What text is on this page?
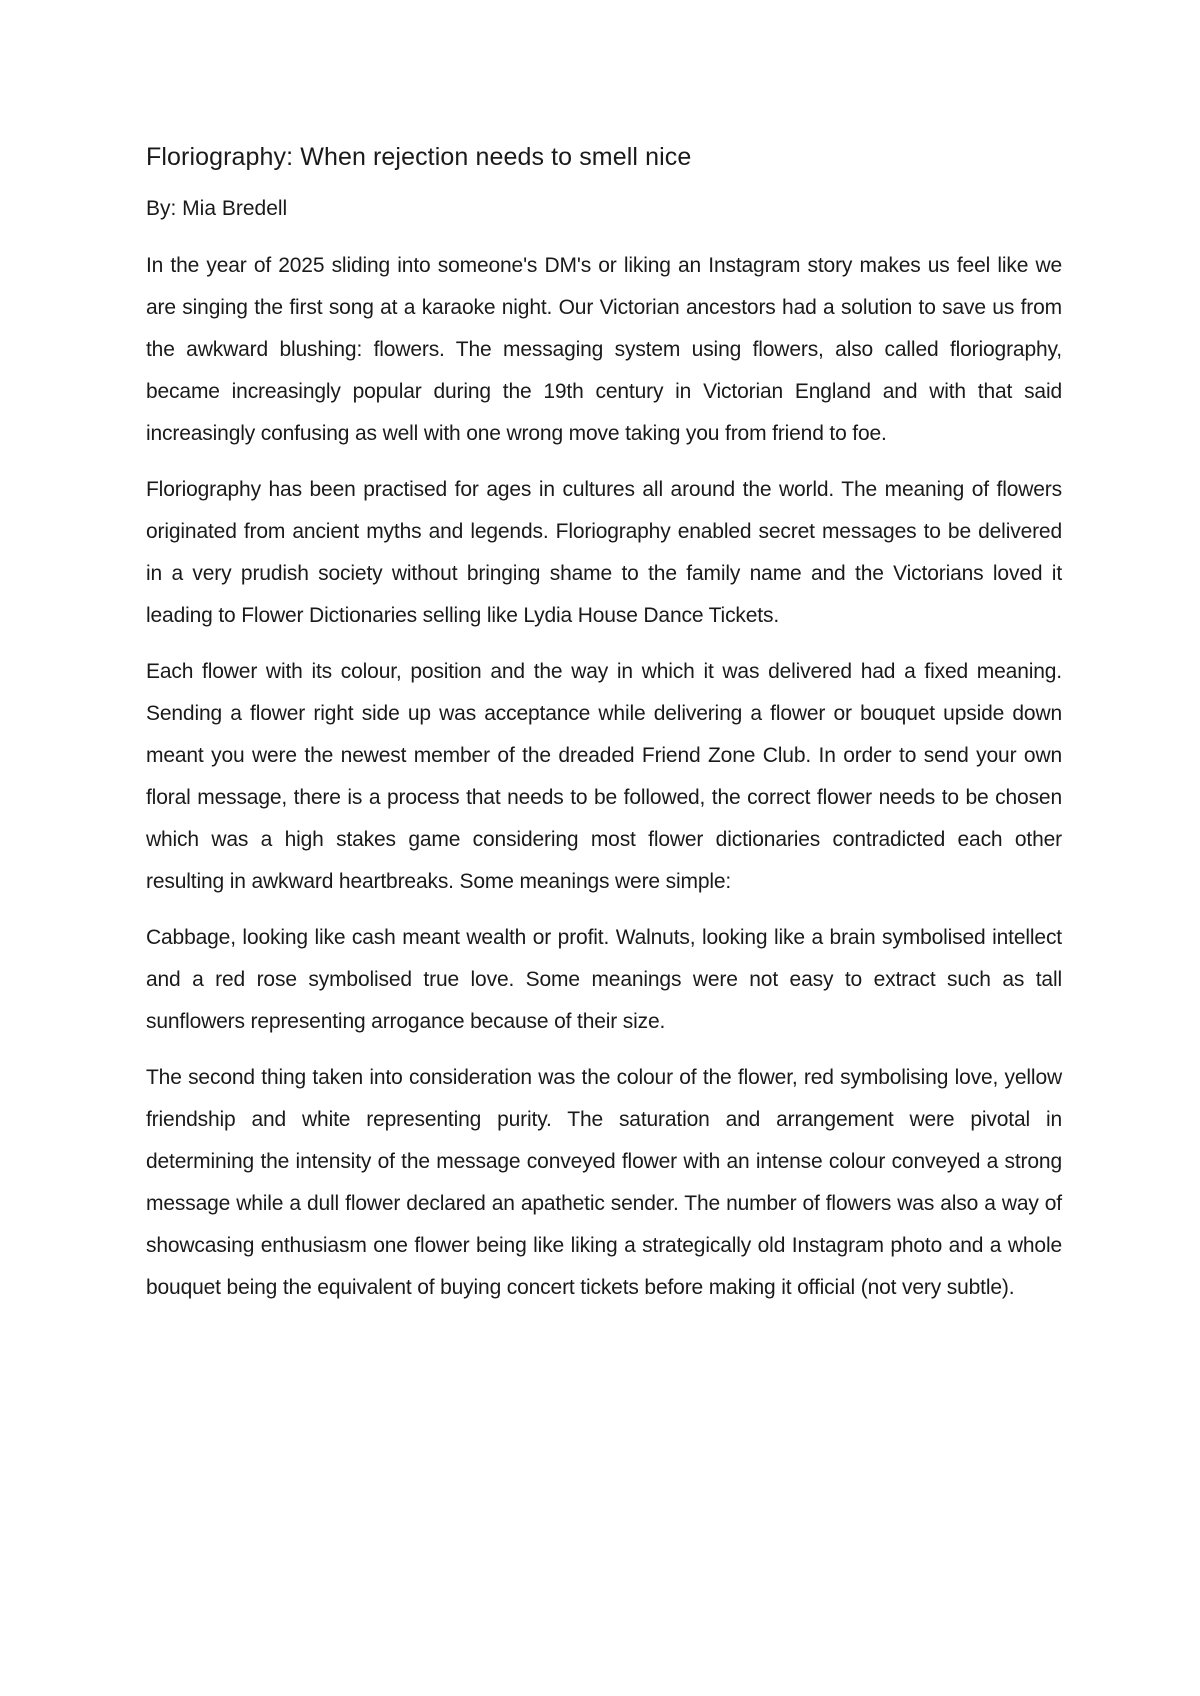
Floriography: When rejection needs to smell nice

By: Mia Bredell

In the year of 2025 sliding into someone's DM's or liking an Instagram story makes us feel like we are singing the first song at a karaoke night. Our Victorian ancestors had a solution to save us from the awkward blushing: flowers. The messaging system using flowers, also called floriography, became increasingly popular during the 19th century in Victorian England and with that said increasingly confusing as well with one wrong move taking you from friend to foe.

Floriography has been practised for ages in cultures all around the world. The meaning of flowers originated from ancient myths and legends. Floriography enabled secret messages to be delivered in a very prudish society without bringing shame to the family name and the Victorians loved it leading to Flower Dictionaries selling like Lydia House Dance Tickets.

Each flower with its colour, position and the way in which it was delivered had a fixed meaning. Sending a flower right side up was acceptance while delivering a flower or bouquet upside down meant you were the newest member of the dreaded Friend Zone Club. In order to send your own floral message, there is a process that needs to be followed, the correct flower needs to be chosen which was a high stakes game considering most flower dictionaries contradicted each other resulting in awkward heartbreaks. Some meanings were simple:

Cabbage, looking like cash meant wealth or profit. Walnuts, looking like a brain symbolised intellect and a red rose symbolised true love. Some meanings were not easy to extract such as tall sunflowers representing arrogance because of their size.

The second thing taken into consideration was the colour of the flower, red symbolising love, yellow friendship and white representing purity. The saturation and arrangement were pivotal in determining the intensity of the message conveyed flower with an intense colour conveyed a strong message while a dull flower declared an apathetic sender. The number of flowers was also a way of showcasing enthusiasm one flower being like liking a strategically old Instagram photo and a whole bouquet being the equivalent of buying concert tickets before making it official (not very subtle).
